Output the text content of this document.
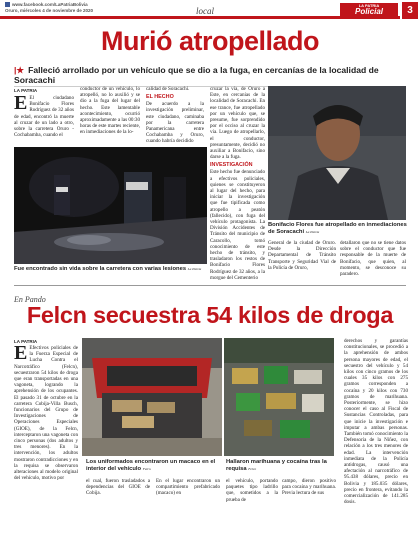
www.facebook.com/LaPatriaBolivia
Oruro, miércoles 4 de noviembre de 2020	local
LA PATRIA
Policial	3
Murió atropellado
|★ Falleció arrollado por un vehículo que se dio a la fuga, en cercanías de la localidad de Soracachi
LA PATRIA
E El ciudadano Bonifacio Flores Rodríguez de 32 años de edad, encontró la muerte al cruzar de un lado a otro, sobre la carretera Oruro - Cochabamba, cuando el
conductor de un vehículo, lo atropelló, no lo auxilió y se dio a la fuga del lugar del hecho. Este lamentable acontecimiento, ocurrió aproximadamente a las 00:30 horas de este martes reciente, en inmediaciones de la lo-
calidad de Soracachi.
EL HECHO
De acuerdo a la investigación preliminar, este ciudadano, caminaba por la carretera Panamericana entre Cochabamba y Oruro, cuando habría decidido
cruzar la vía, de Oruro a Este, en cercanías de la localidad de Soracachi. En ese trance, fue atropellado por un vehículo que, se presume, fue sorprendido por el occiso al cruzar la vía. Luego de atropellarlo, el conductor, presuntamente, decidió no auxiliar a Bonifacio, sino darse a la fuga.
INVESTIGACIÓN
Este hecho fue denunciado a efectivos policiales, quienes se constituyeron al lugar del hecho, para iniciar la investigación que fue tipificada como atropello a peatón (fallecido), con fuga del vehículo protagonista. La División Accidentes de Tránsito del municipio de Caracollo, tomó conocimiento de este hecho de tránsito, y trasladaron los restos de Bonifacio Flores Rodríguez de 32 años, a la morgue del Cementerio
Fue encontrado sin vida sobre la carretera con varias lesiones La Patria
Bonifacio Flores fue atropellado en inmediaciones de Soracachi La Patria
General de la ciudad de Oruro. Desde la Dirección Departamental de Tránsito Transporte y Seguridad Vial de la Policía de Oruro,
detallaron que no se tiene datos sobre el conductor que fue responsable de la muerte de Bonifacio, que quien, al momento, se desconoce su paradero.
En Pando
Felcn secuestra 54 kilos de droga
LA PATRIA
E Efectivos policiales de la Fuerza Especial de Lucha Contra el Narcotráfico (Felcn), secuestraron 54 kilos de droga que eran transportadas en una vagoneta, logrando la aprehensión de los ocupantes. El pasado 31 de octubre en la carretera Cobija-Villa Busch, funcionarios del Grupo de Investigaciones de Operaciones Especiales (GIOE), de la Felcn, interceptaron una vagoneta con cinco personas (dos adultos y tres menores). En la intervención, los adultos mostraron contradicciones y en la requisa se observaron alteraciones al modelo original del vehículo, motivo por
Los uniformados encontraron un macaco en el interior del vehículo Felcn
Hallaron marihuana y cocaína tras la requisa Felcn
el cual, fueron trasladados a dependencias del GIOE de Cobija.
En el lugar encontraron un compartimiento prefabricado (macaco) en
el vehículo, portando paquetes tipo ladrillo que, sometidos a la prueba de
campo, dieron positivo para cocaína y marihuana. Previa lectura de sus
derechos y garantías constitucionales, se procedió a la aprehensión de ambos persona mayores de edad, el secuestro del vehículo y 54 kilos con cinco gramos de los cuales 35 kilos con 275 gramos corresponden a cocaína y 20 kilos con 730 gramos de marihuana. Posteriormente, se hizo conocer el caso al Fiscal de Sustancias Controladas, para que inicie la investigación e imputar a ambas personas. También tomó conocimiento la Defensoría de la Niñez, con relación a los tres menores de edad. La intervención inmediata de la Policía antidrogas, causó una afectación al narcotráfico de 95.438 dólares, precio en Bolivia y 185.035 dólares, precio en frontera, evitando la comercialización de 141.285 dosis.
